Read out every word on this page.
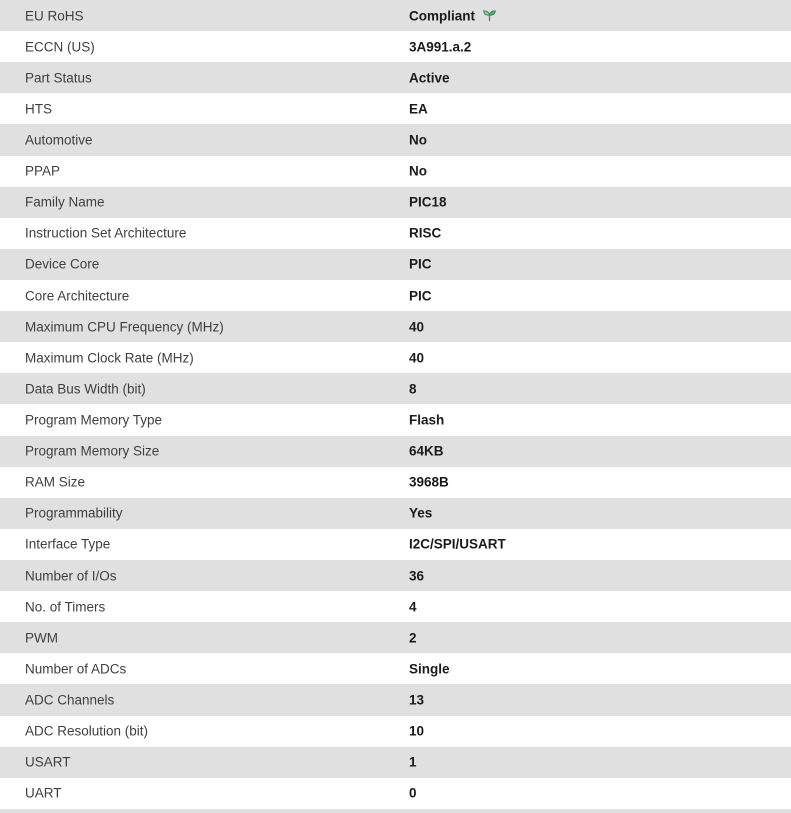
EU RoHS	Compliant
ECCN (US)	3A991.a.2
Part Status	Active
HTS	EA
Automotive	No
PPAP	No
Family Name	PIC18
Instruction Set Architecture	RISC
Device Core	PIC
Core Architecture	PIC
Maximum CPU Frequency (MHz)	40
Maximum Clock Rate (MHz)	40
Data Bus Width (bit)	8
Program Memory Type	Flash
Program Memory Size	64KB
RAM Size	3968B
Programmability	Yes
Interface Type	I2C/SPI/USART
Number of I/Os	36
No. of Timers	4
PWM	2
Number of ADCs	Single
ADC Channels	13
ADC Resolution (bit)	10
USART	1
UART	0
